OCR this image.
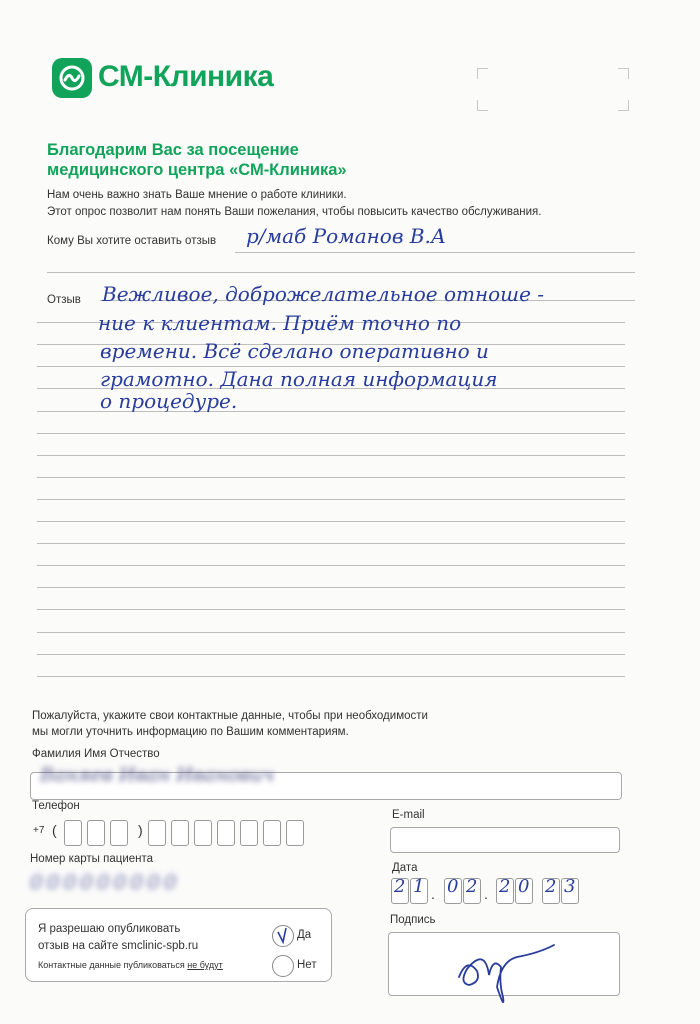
СМ-Клиника
Благодарим Вас за посещение
медицинского центра «СМ-Клиника»
Нам очень важно знать Ваше мнение о работе клиники.
Этот опрос позволит нам понять Ваши пожелания, чтобы повысить качество обслуживания.
Кому Вы хотите оставить отзыв р/маб Романов В.А
Отзыв Вежливое, доброжелательное отноше -
ние к клиентам. Приём точно по
времени. Всё сделано оперативно и
грамотно. Дана полная информация
о процедуре.
Пожалуйста, укажите свои контактные данные, чтобы при необходимости
мы могли уточнить информацию по Вашим комментариям.
Фамилия Имя Отчество
Ваняев Иван Иванович
Телефон
+7 (	)
E-mail
Номер карты пациента
000000000
Дата
.	.
2 1 0 2 2 0 2 3
Я разрешаю опубликовать
отзыв на сайте smclinic-spb.ru
Контактные данные публиковаться не будут
Да
Нет
Подпись
